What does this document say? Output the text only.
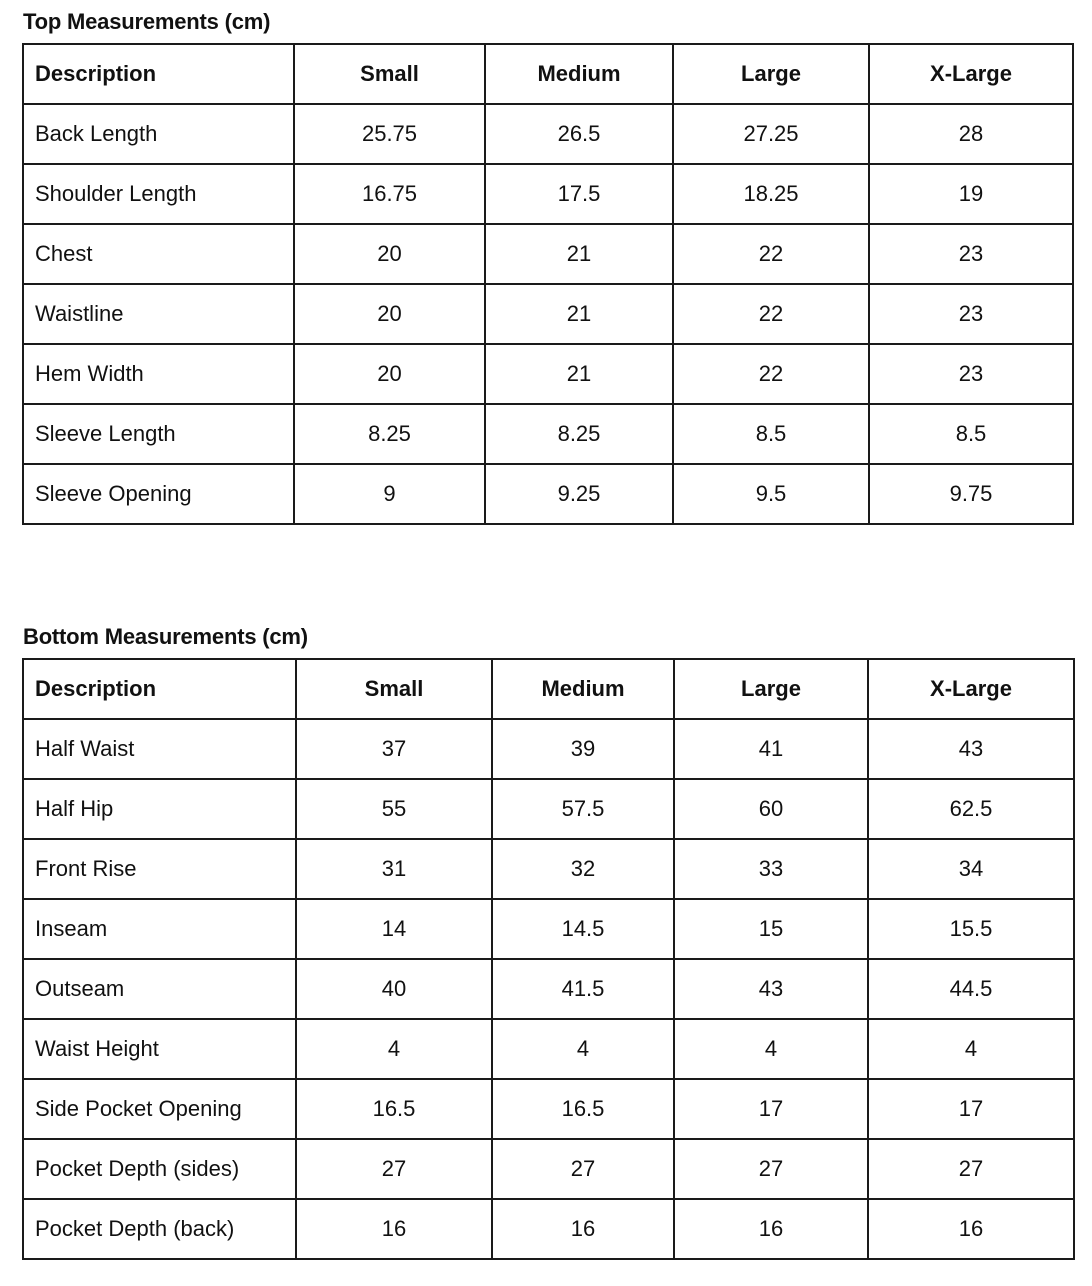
Top Measurements (cm)
Description	Small	Medium	Large	X-Large
Back Length	25.75	26.5	27.25	28
Shoulder Length	16.75	17.5	18.25	19
Chest	20	21	22	23
Waistline	20	21	22	23
Hem Width	20	21	22	23
Sleeve Length	8.25	8.25	8.5	8.5
Sleeve Opening	9	9.25	9.5	9.75
Bottom Measurements (cm)
Description	Small	Medium	Large	X-Large
Half Waist	37	39	41	43
Half Hip	55	57.5	60	62.5
Front Rise	31	32	33	34
Inseam	14	14.5	15	15.5
Outseam	40	41.5	43	44.5
Waist Height	4	4	4	4
Side Pocket Opening	16.5	16.5	17	17
Pocket Depth (sides)	27	27	27	27
Pocket Depth (back)	16	16	16	16
